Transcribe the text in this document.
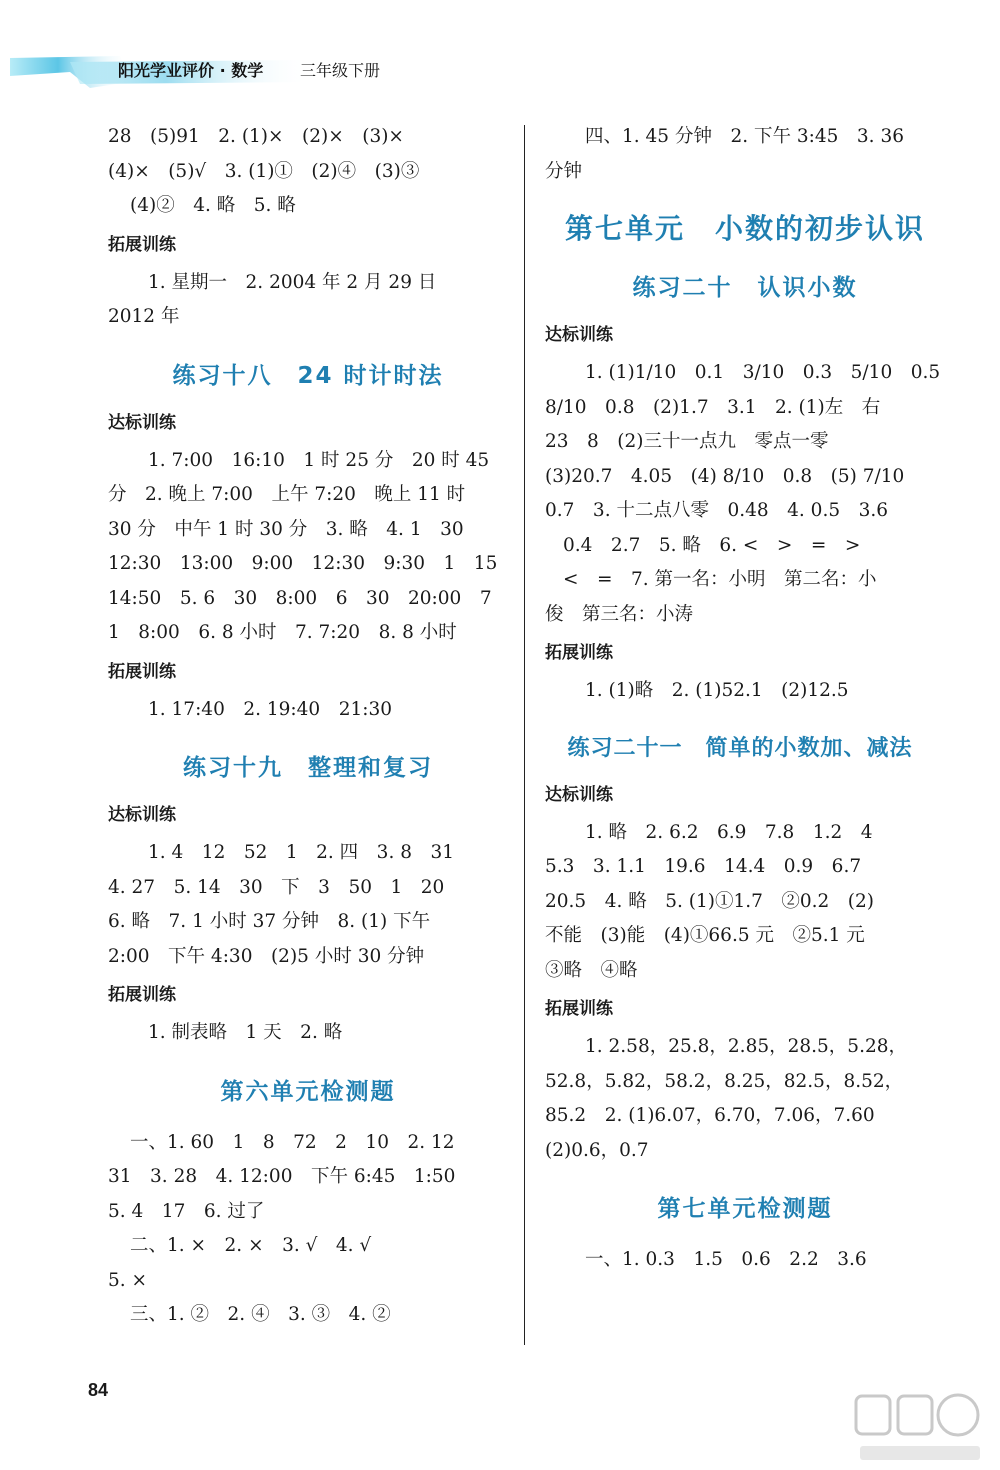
阳光学业评价 · 数学 三年级下册

28　(5)91　2. (1)×　(2)×　(3)×

(4)×　(5)√　3. (1)①　(2)④　(3)③

(4)②　4. 略　5. 略

拓展训练

1. 星期一　2. 2004 年 2 月 29 日

2012 年

练习十八　24 时计时法
达标训练

1. 7:00　16:10　1 时 25 分　20 时 45

分　2. 晚上 7:00　上午 7:20　晚上 11 时

30 分　中午 1 时 30 分　3. 略　4. 1　30

12:30　13:00　9:00　12:30　9:30　1　15

14:50　5. 6　30　8:00　6　30　20:00　7

1　8:00　6. 8 小时　7. 7:20　8. 8 小时

拓展训练

1. 17:40　2. 19:40　21:30

练习十九　整理和复习
达标训练

1. 4　12　52　1　2. 四　3. 8　31

4. 27　5. 14　30　下　3　50　1　20

6. 略　7. 1 小时 37 分钟　8. (1) 下午

2:00　下午 4:30　(2)5 小时 30 分钟

拓展训练

1. 制表略　1 天　2. 略

第六单元检测题

一、1. 60　1　8　72　2　10　2. 12

31　3. 28　4. 12:00　下午 6:45　1:50

5. 4　17　6. 过了

二、1. ×　2. ×　3. √　4. √

5. ×

三、1. ②　2. ④　3. ③　4. ②

四、1. 45 分钟　2. 下午 3:45　3. 36

分钟

第七单元　小数的初步认识
练习二十　认识小数
达标训练

1. (1)1/10　0.1　3/10　0.3　5/10　0.5

8/10　0.8　(2)1.7　3.1　2. (1)左　右

23　8　(2)三十一点九　零点一零

(3)20.7　4.05　(4) 8/10　0.8　(5) 7/10

0.7　3. 十二点八零　0.48　4. 0.5　3.6

0.4　2.7　5. 略　6. <　>　=　>

<　=　7. 第一名：小明　第二名：小

俊　第三名：小涛

拓展训练

1. (1)略　2. (1)52.1　(2)12.5

练习二十一　简单的小数加、减法
达标训练

1. 略　2. 6.2　6.9　7.8　1.2　4

5.3　3. 1.1　19.6　14.4　0.9　6.7

20.5　4. 略　5. (1)①1.7　②0.2　(2)

不能　(3)能　(4)①66.5 元　②5.1 元

③略　④略

拓展训练

1. 2.58，25.8，2.85，28.5，5.28，

52.8，5.82，58.2，8.25，82.5，8.52，

85.2　2. (1)6.07，6.70，7.06，7.60

(2)0.6，0.7

第七单元检测题

一、1. 0.3　1.5　0.6　2.2　3.6

84
